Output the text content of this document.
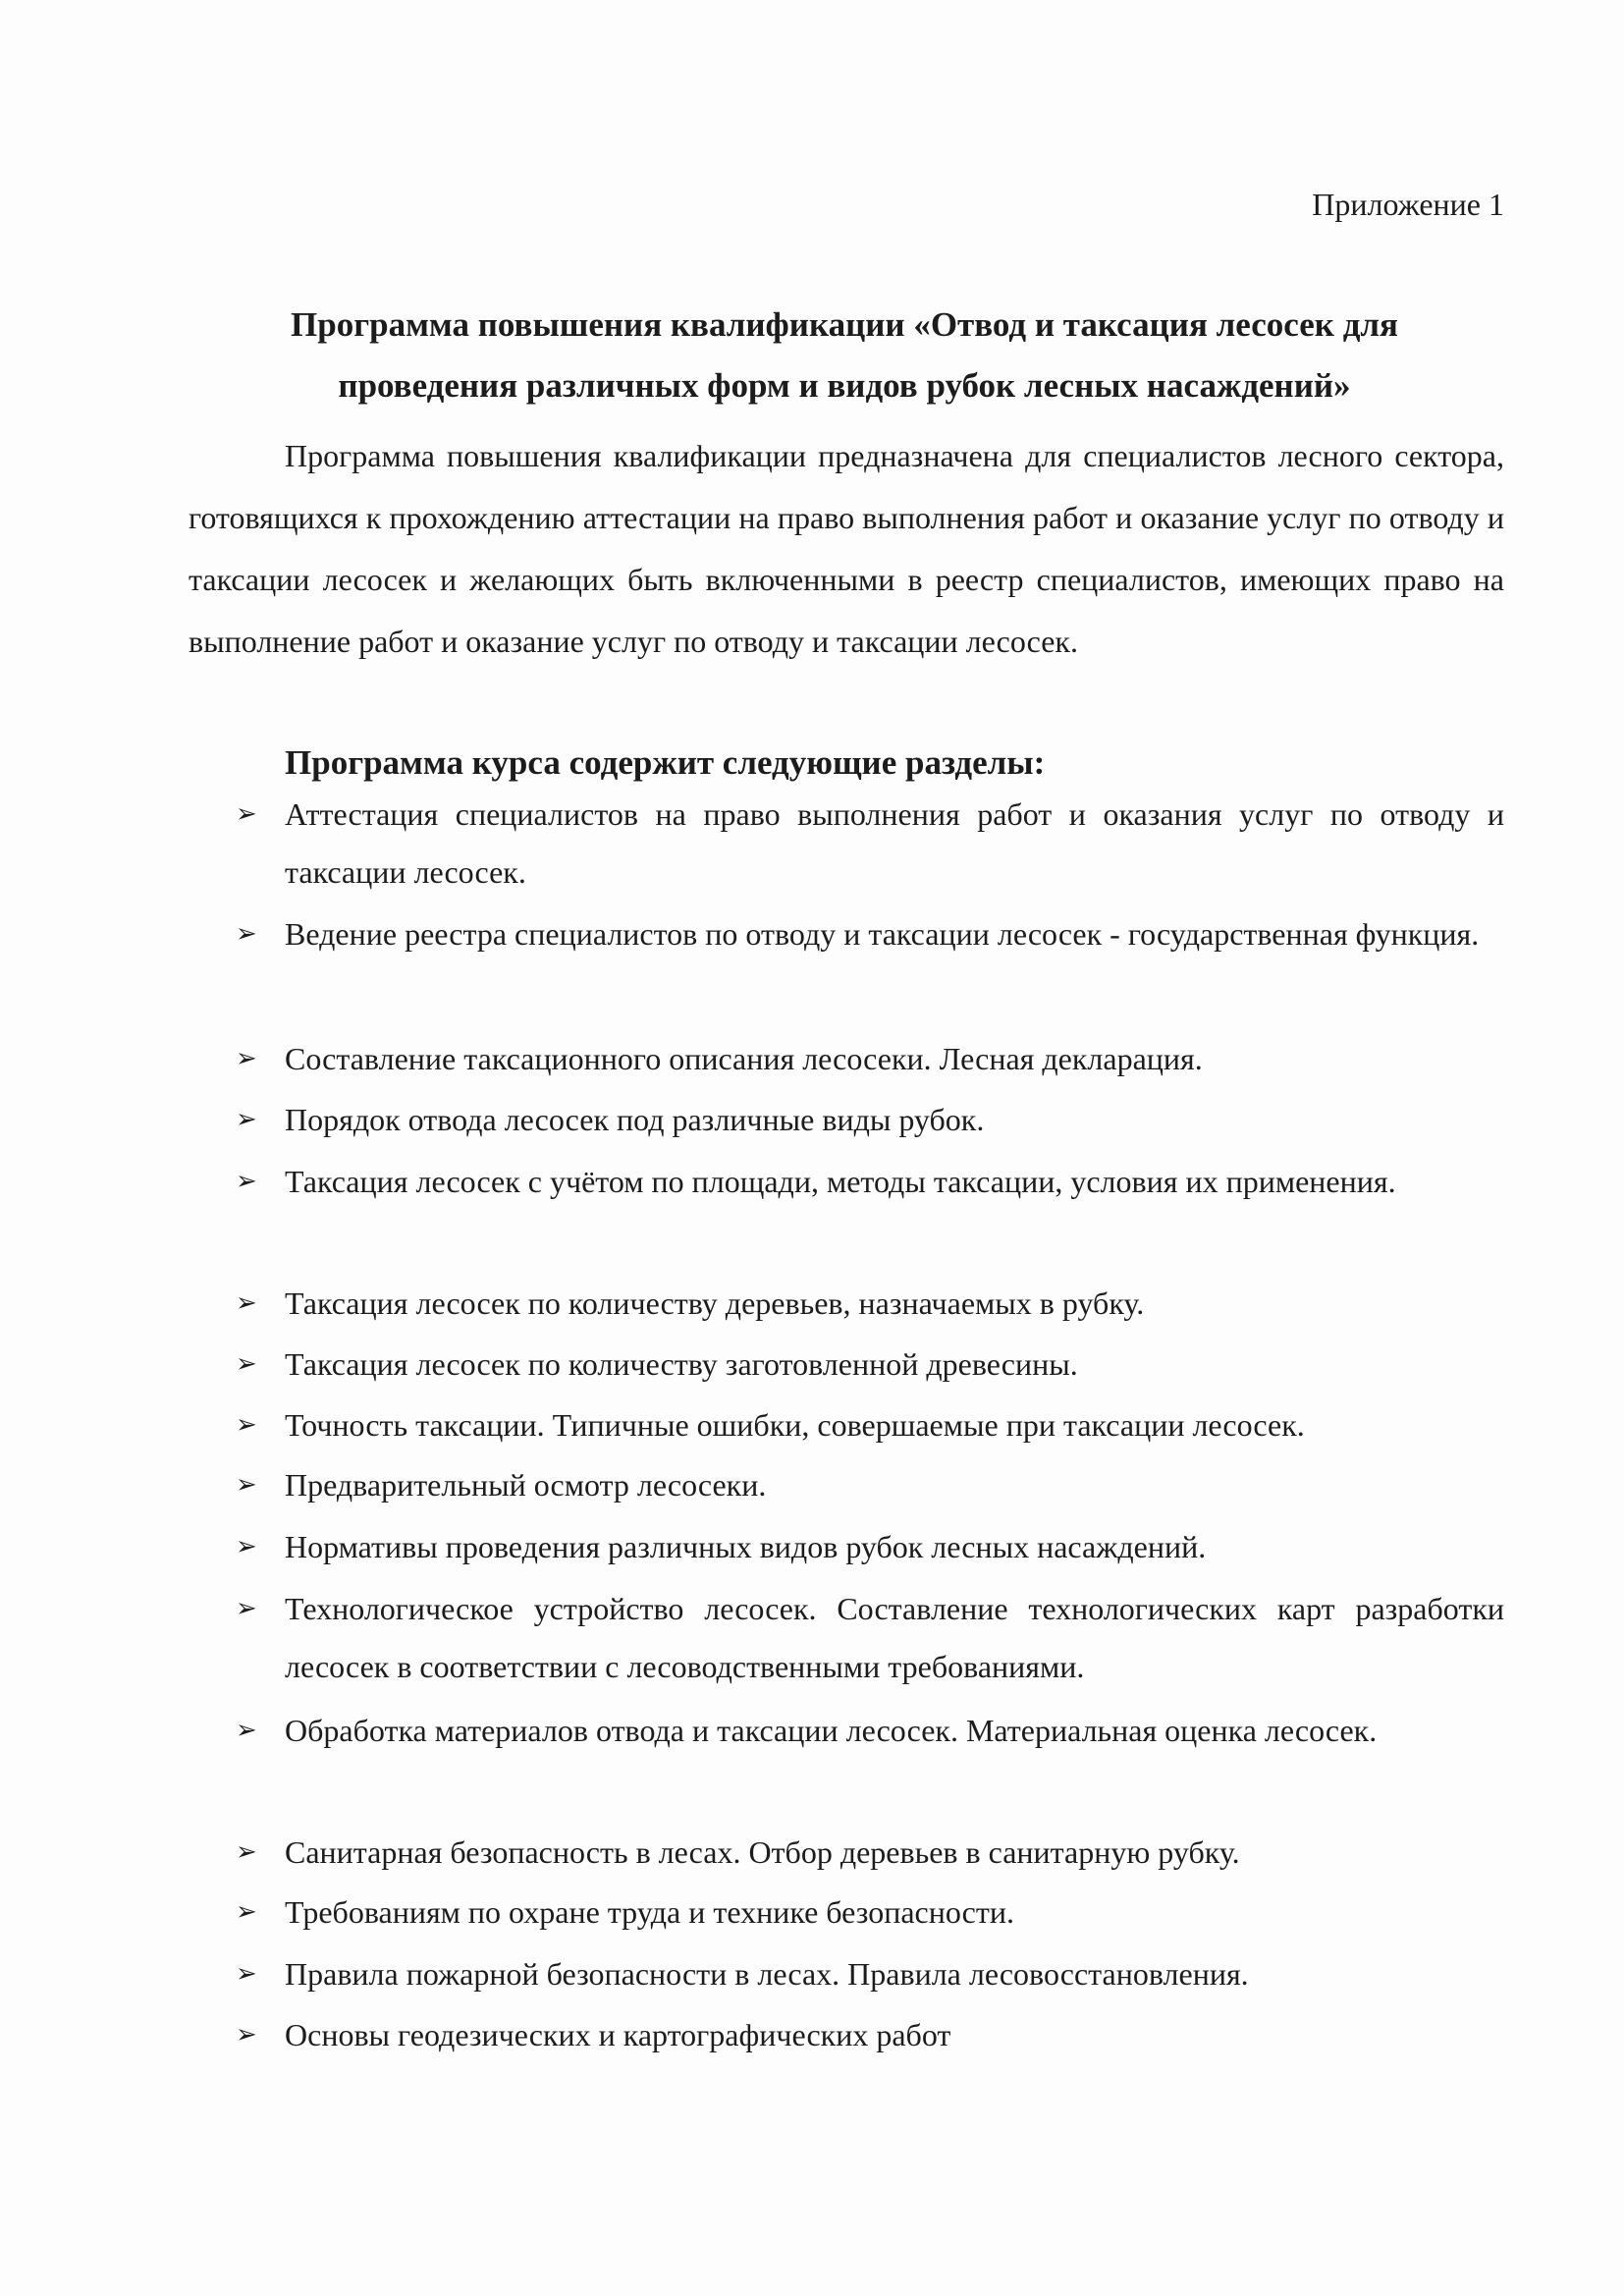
Приложение 1
Программа повышения квалификации «Отвод и таксация лесосек для
проведения различных форм и видов рубок лесных насаждений»

Программа повышения квалификации предназначена для специалистов лесного сектора, готовящихся к прохождению аттестации на право выполнения работ и оказание услуг по отводу и таксации лесосек и желающих быть включенными в реестр специалистов, имеющих право на выполнение работ и оказание услуг по отводу и таксации лесосек.

Программа курса содержит следующие разделы:

➢ Аттестация специалистов на право выполнения работ и оказания услуг по отводу и таксации лесосек.
➢ Ведение реестра специалистов по отводу и таксации лесосек - государственная функция.
➢ Составление таксационного описания лесосеки. Лесная декларация.
➢ Порядок отвода лесосек под различные виды рубок.
➢ Таксация лесосек с учётом по площади, методы таксации, условия их применения.
➢ Таксация лесосек по количеству деревьев, назначаемых в рубку.
➢ Таксация лесосек по количеству заготовленной древесины.
➢ Точность таксации. Типичные ошибки, совершаемые при таксации лесосек.
➢ Предварительный осмотр лесосеки.
➢ Нормативы проведения различных видов рубок лесных насаждений.
➢ Технологическое устройство лесосек. Составление технологических карт разработки лесосек в соответствии с лесоводственными требованиями.
➢ Обработка материалов отвода и таксации лесосек. Материальная оценка лесосек.
➢ Санитарная безопасность в лесах. Отбор деревьев в санитарную рубку.
➢ Требованиям по охране труда и технике безопасности.
➢ Правила пожарной безопасности в лесах. Правила лесовосстановления.
➢ Основы геодезических и картографических работ
